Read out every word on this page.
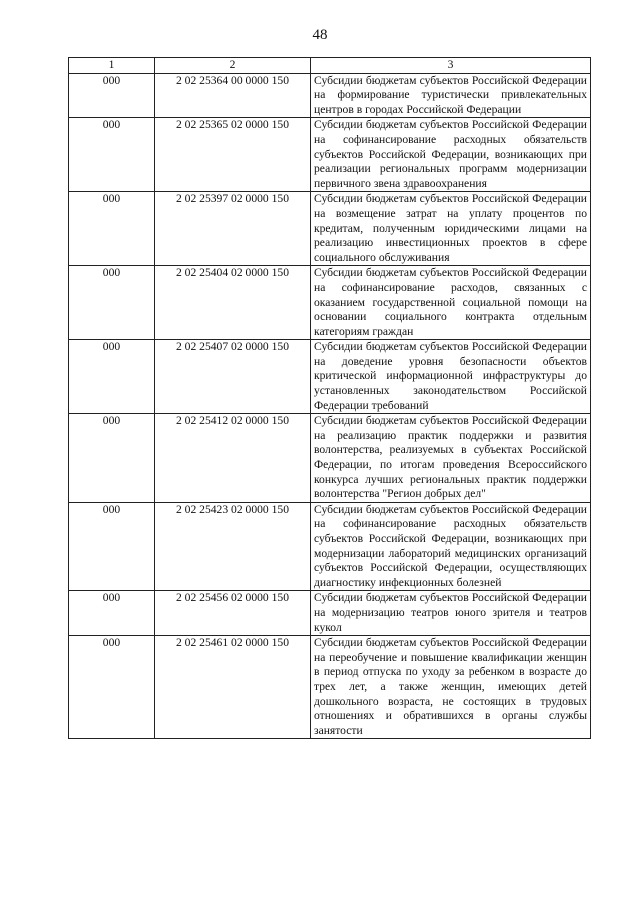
48
1	2	3
000	2 02 25364 00 0000 150	Субсидии бюджетам субъектов Российской Федерации на формирование туристически привлекательных центров в городах Российской Федерации
000	2 02 25365 02 0000 150	Субсидии бюджетам субъектов Российской Федерации на софинансирование расходных обязательств субъектов Российской Федерации, возникающих при реализации региональных программ модернизации первичного звена здравоохранения
000	2 02 25397 02 0000 150	Субсидии бюджетам субъектов Российской Федерации на возмещение затрат на уплату процентов по кредитам, полученным юридическими лицами на реализацию инвестиционных проектов в сфере социального обслуживания
000	2 02 25404 02 0000 150	Субсидии бюджетам субъектов Российской Федерации на софинансирование расходов, связанных с оказанием государственной социальной помощи на основании социального контракта отдельным категориям граждан
000	2 02 25407 02 0000 150	Субсидии бюджетам субъектов Российской Федерации на доведение уровня безопасности объектов критической информационной инфраструктуры до установленных законодательством Российской Федерации требований
000	2 02 25412 02 0000 150	Субсидии бюджетам субъектов Российской Федерации на реализацию практик поддержки и развития волонтерства, реализуемых в субъектах Российской Федерации, по итогам проведения Всероссийского конкурса лучших региональных практик поддержки волонтерства "Регион добрых дел"
000	2 02 25423 02 0000 150	Субсидии бюджетам субъектов Российской Федерации на софинансирование расходных обязательств субъектов Российской Федерации, возникающих при модернизации лабораторий медицинских организаций субъектов Российской Федерации, осуществляющих диагностику инфекционных болезней
000	2 02 25456 02 0000 150	Субсидии бюджетам субъектов Российской Федерации на модернизацию театров юного зрителя и театров кукол
000	2 02 25461 02 0000 150	Субсидии бюджетам субъектов Российской Федерации на переобучение и повышение квалификации женщин в период отпуска по уходу за ребенком в возрасте до трех лет, а также женщин, имеющих детей дошкольного возраста, не состоящих в трудовых отношениях и обратившихся в органы службы занятости
